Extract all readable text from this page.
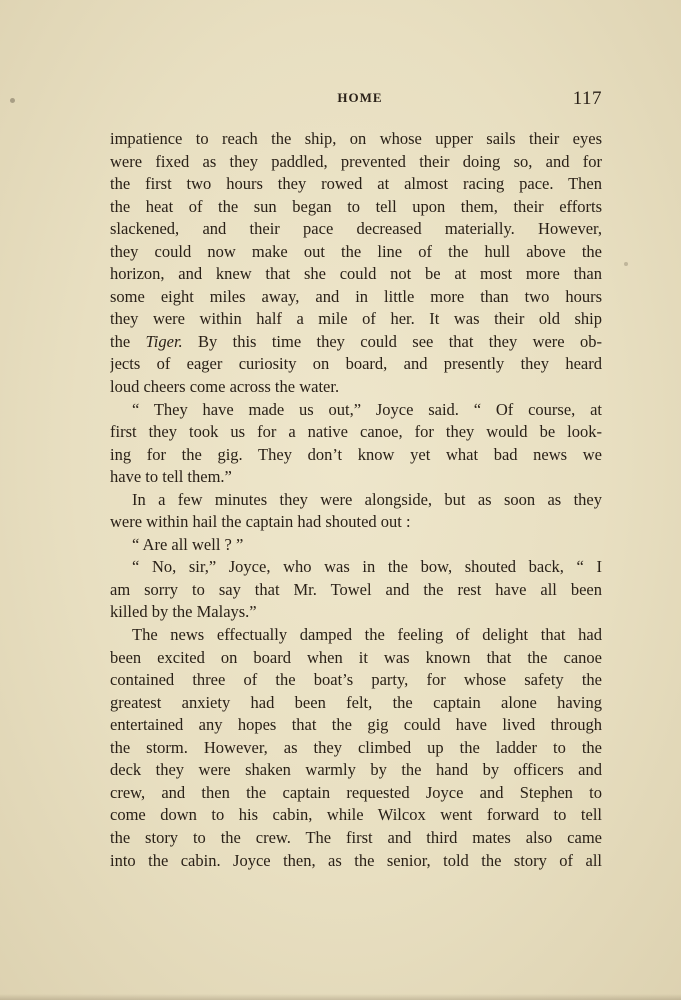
HOME	117
impatience to reach the ship, on whose upper sails their eyes
were fixed as they paddled, prevented their doing so, and for
the first two hours they rowed at almost racing pace. Then
the heat of the sun began to tell upon them, their efforts
slackened, and their pace decreased materially. However,
they could now make out the line of the hull above the
horizon, and knew that she could not be at most more than
some eight miles away, and in little more than two hours
they were within half a mile of her. It was their old ship
the Tiger. By this time they could see that they were ob-
jects of eager curiosity on board, and presently they heard
loud cheers come across the water.
“ They have made us out,” Joyce said. “ Of course, at
first they took us for a native canoe, for they would be look-
ing for the gig. They don’t know yet what bad news we
have to tell them.”
In a few minutes they were alongside, but as soon as they
were within hail the captain had shouted out :
“ Are all well ? ”
“ No, sir,” Joyce, who was in the bow, shouted back, “ I
am sorry to say that Mr. Towel and the rest have all been
killed by the Malays.”
The news effectually damped the feeling of delight that had
been excited on board when it was known that the canoe
contained three of the boat’s party, for whose safety the
greatest anxiety had been felt, the captain alone having
entertained any hopes that the gig could have lived through
the storm. However, as they climbed up the ladder to the
deck they were shaken warmly by the hand by officers and
crew, and then the captain requested Joyce and Stephen to
come down to his cabin, while Wilcox went forward to tell
the story to the crew. The first and third mates also came
into the cabin. Joyce then, as the senior, told the story of all
